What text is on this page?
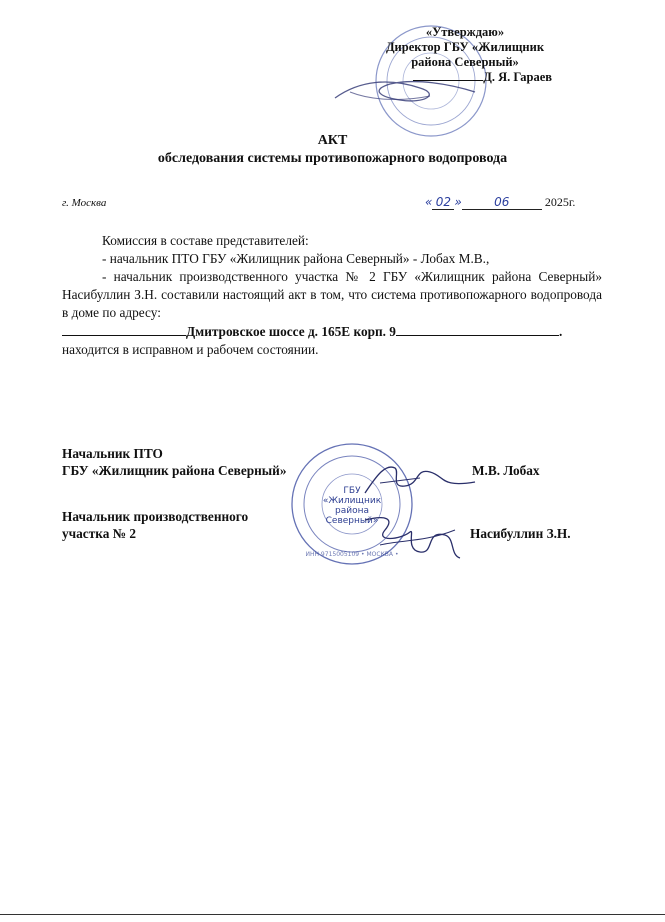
«Утверждаю»
Директор ГБУ «Жилищник
района Северный»
Д. Я. Гараев
АКТ
обследования системы противопожарного водопровода
г. Москва	« 02 »	06	2025г.

Комиссия в составе представителей:

- начальник ПТО ГБУ «Жилищник района Северный» - Лобах М.В.,

- начальник производственного участка № 2 ГБУ «Жилищник района Северный» Насибуллин З.Н. составили настоящий акт в том, что система противопожарного водопровода в доме по адресу:

Дмитровское шоссе д. 165Е корп. 9	.

находится в исправном и рабочем состоянии.

ГБУ
«Жилищник
района
Северный»
ИНН 9715005109 • МОСКВА •
Начальник ПТО
ГБУ «Жилищник района Северный»	М.В. Лобах
Начальник производственного
участка № 2	Насибуллин З.Н.
